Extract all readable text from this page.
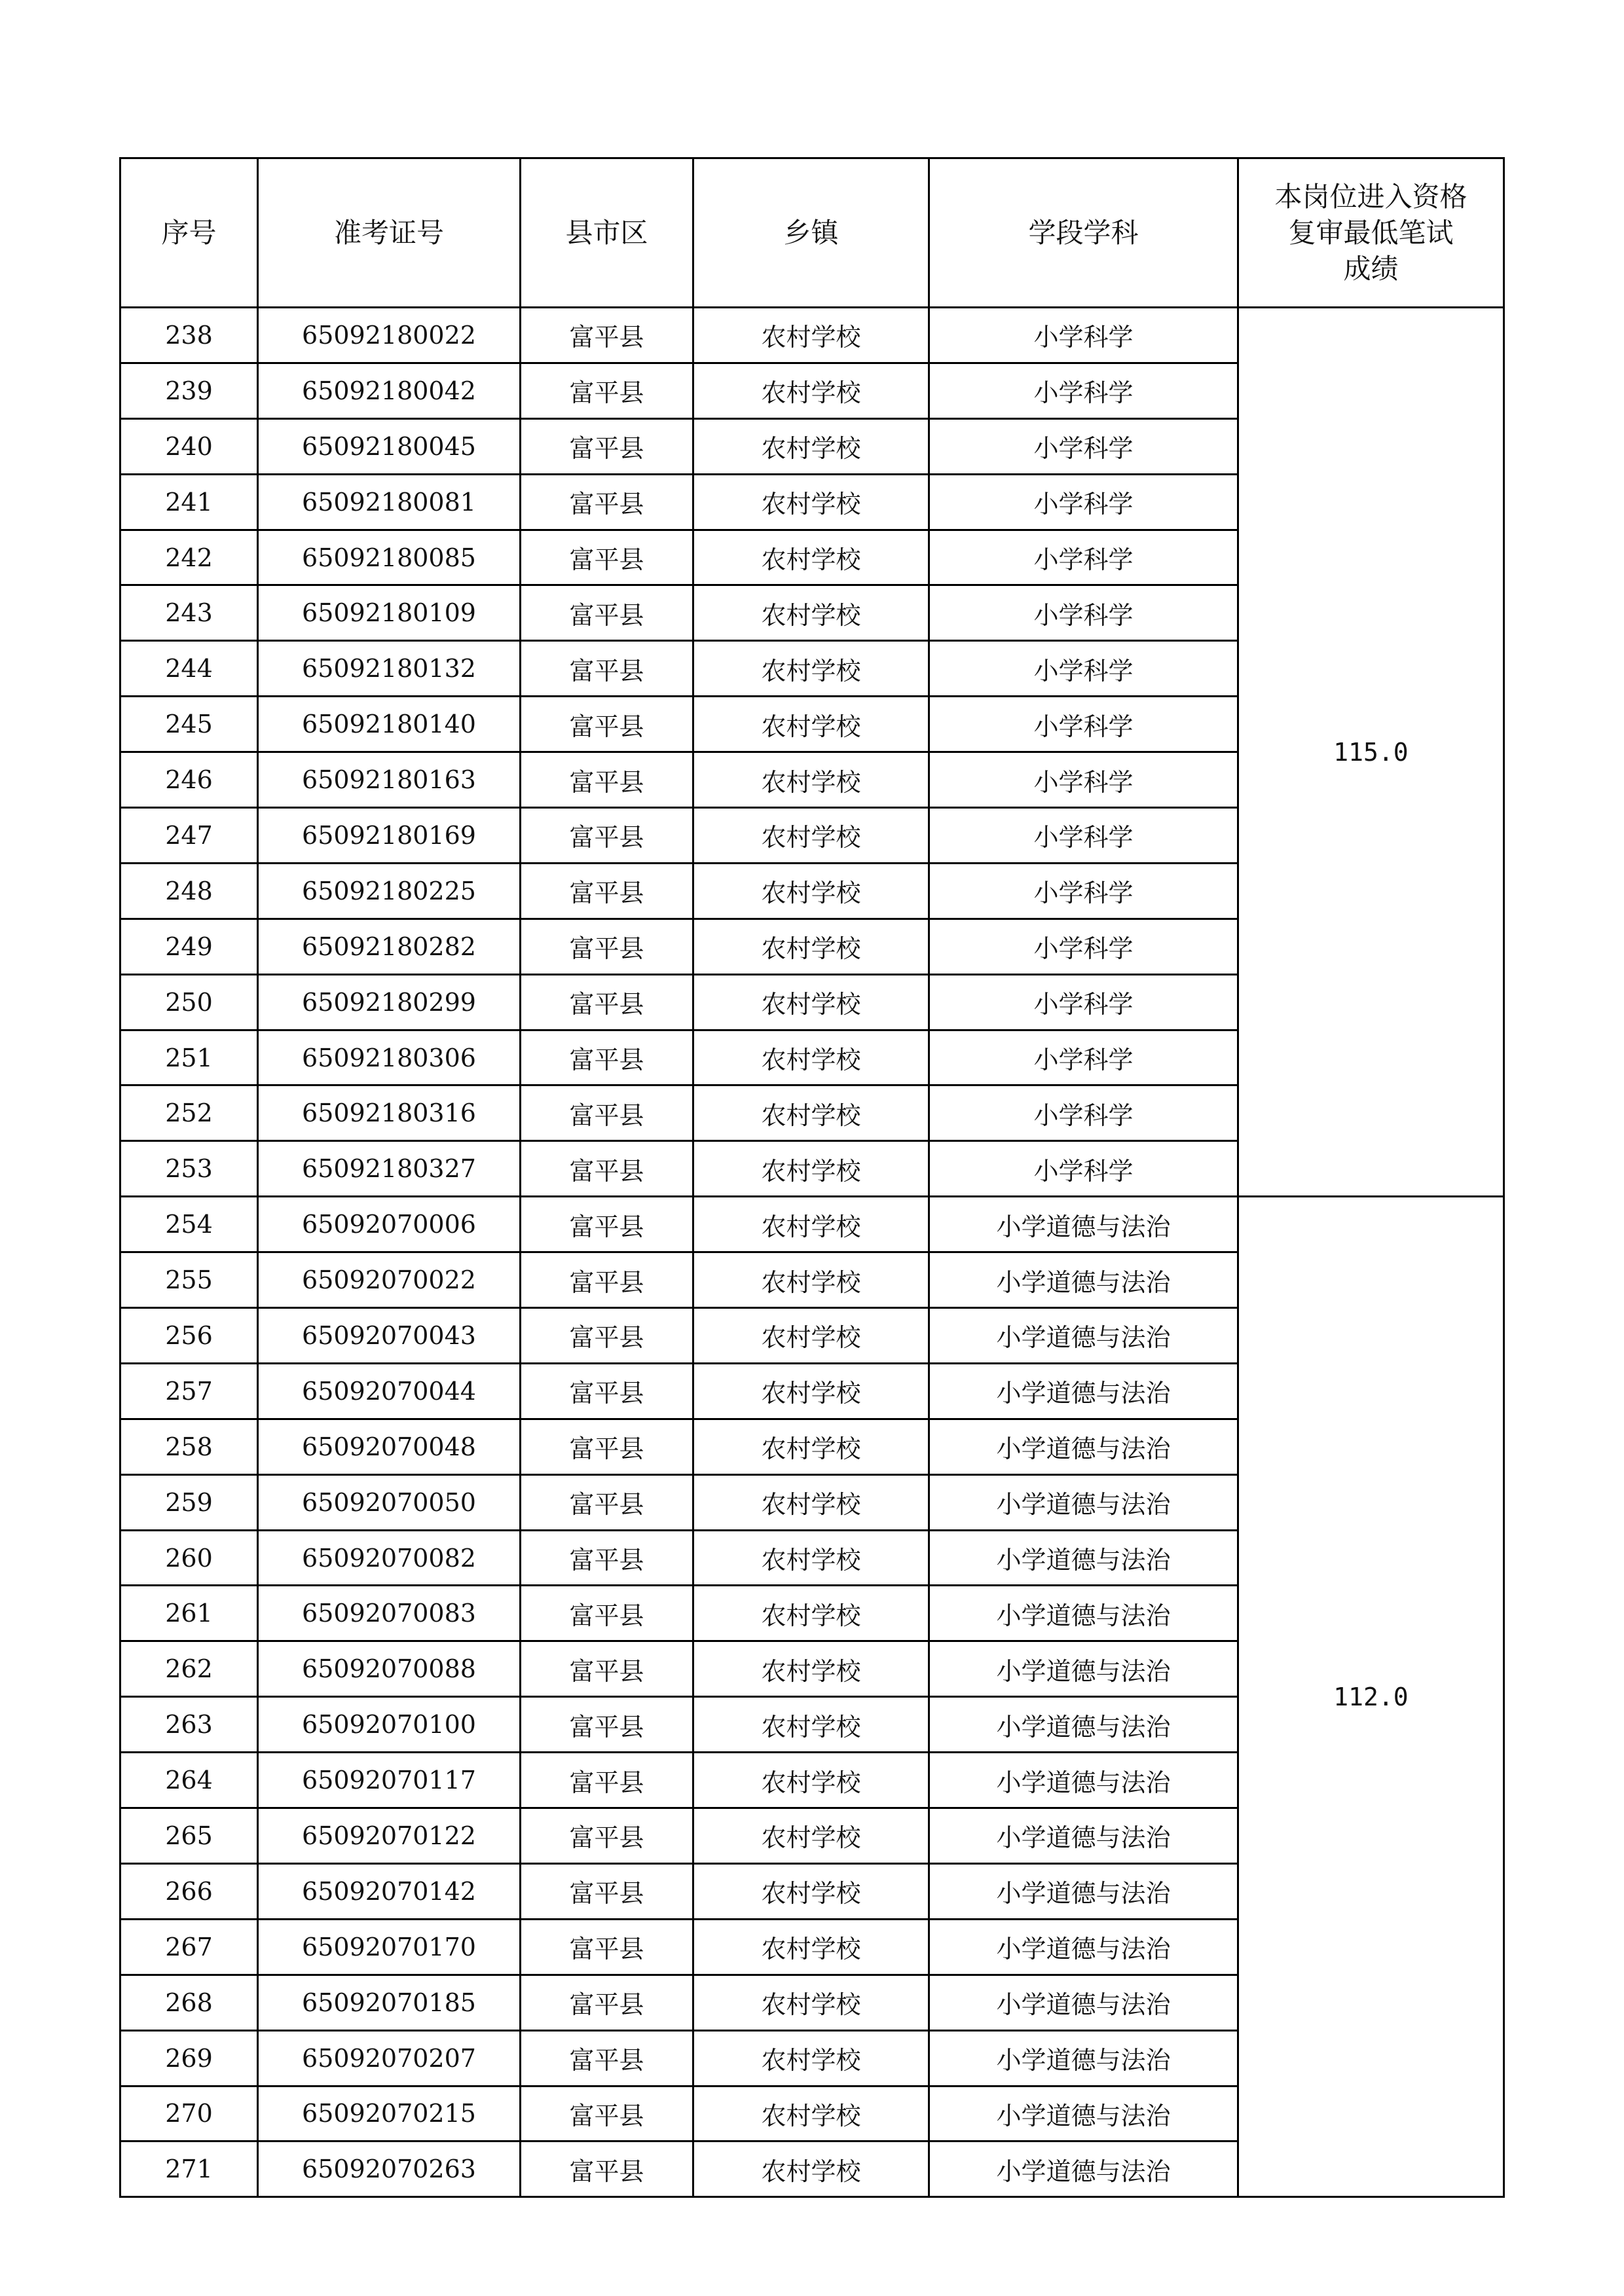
序号	准考证号	县市区	乡镇	学段学科	本岗位进入资格
复审最低笔试
成绩

238	65092180022	富平县	农村学校	小学科学	115.0
239	65092180042	富平县	农村学校	小学科学	
240	65092180045	富平县	农村学校	小学科学	
241	65092180081	富平县	农村学校	小学科学	
242	65092180085	富平县	农村学校	小学科学	
243	65092180109	富平县	农村学校	小学科学	
244	65092180132	富平县	农村学校	小学科学	
245	65092180140	富平县	农村学校	小学科学	
246	65092180163	富平县	农村学校	小学科学	
247	65092180169	富平县	农村学校	小学科学	
248	65092180225	富平县	农村学校	小学科学	
249	65092180282	富平县	农村学校	小学科学	
250	65092180299	富平县	农村学校	小学科学	
251	65092180306	富平县	农村学校	小学科学	
252	65092180316	富平县	农村学校	小学科学	
253	65092180327	富平县	农村学校	小学科学	
254	65092070006	富平县	农村学校	小学道德与法治	112.0
255	65092070022	富平县	农村学校	小学道德与法治	
256	65092070043	富平县	农村学校	小学道德与法治	
257	65092070044	富平县	农村学校	小学道德与法治	
258	65092070048	富平县	农村学校	小学道德与法治	
259	65092070050	富平县	农村学校	小学道德与法治	
260	65092070082	富平县	农村学校	小学道德与法治	
261	65092070083	富平县	农村学校	小学道德与法治	
262	65092070088	富平县	农村学校	小学道德与法治	
263	65092070100	富平县	农村学校	小学道德与法治	
264	65092070117	富平县	农村学校	小学道德与法治	
265	65092070122	富平县	农村学校	小学道德与法治	
266	65092070142	富平县	农村学校	小学道德与法治	
267	65092070170	富平县	农村学校	小学道德与法治	
268	65092070185	富平县	农村学校	小学道德与法治	
269	65092070207	富平县	农村学校	小学道德与法治	
270	65092070215	富平县	农村学校	小学道德与法治	
271	65092070263	富平县	农村学校	小学道德与法治	
